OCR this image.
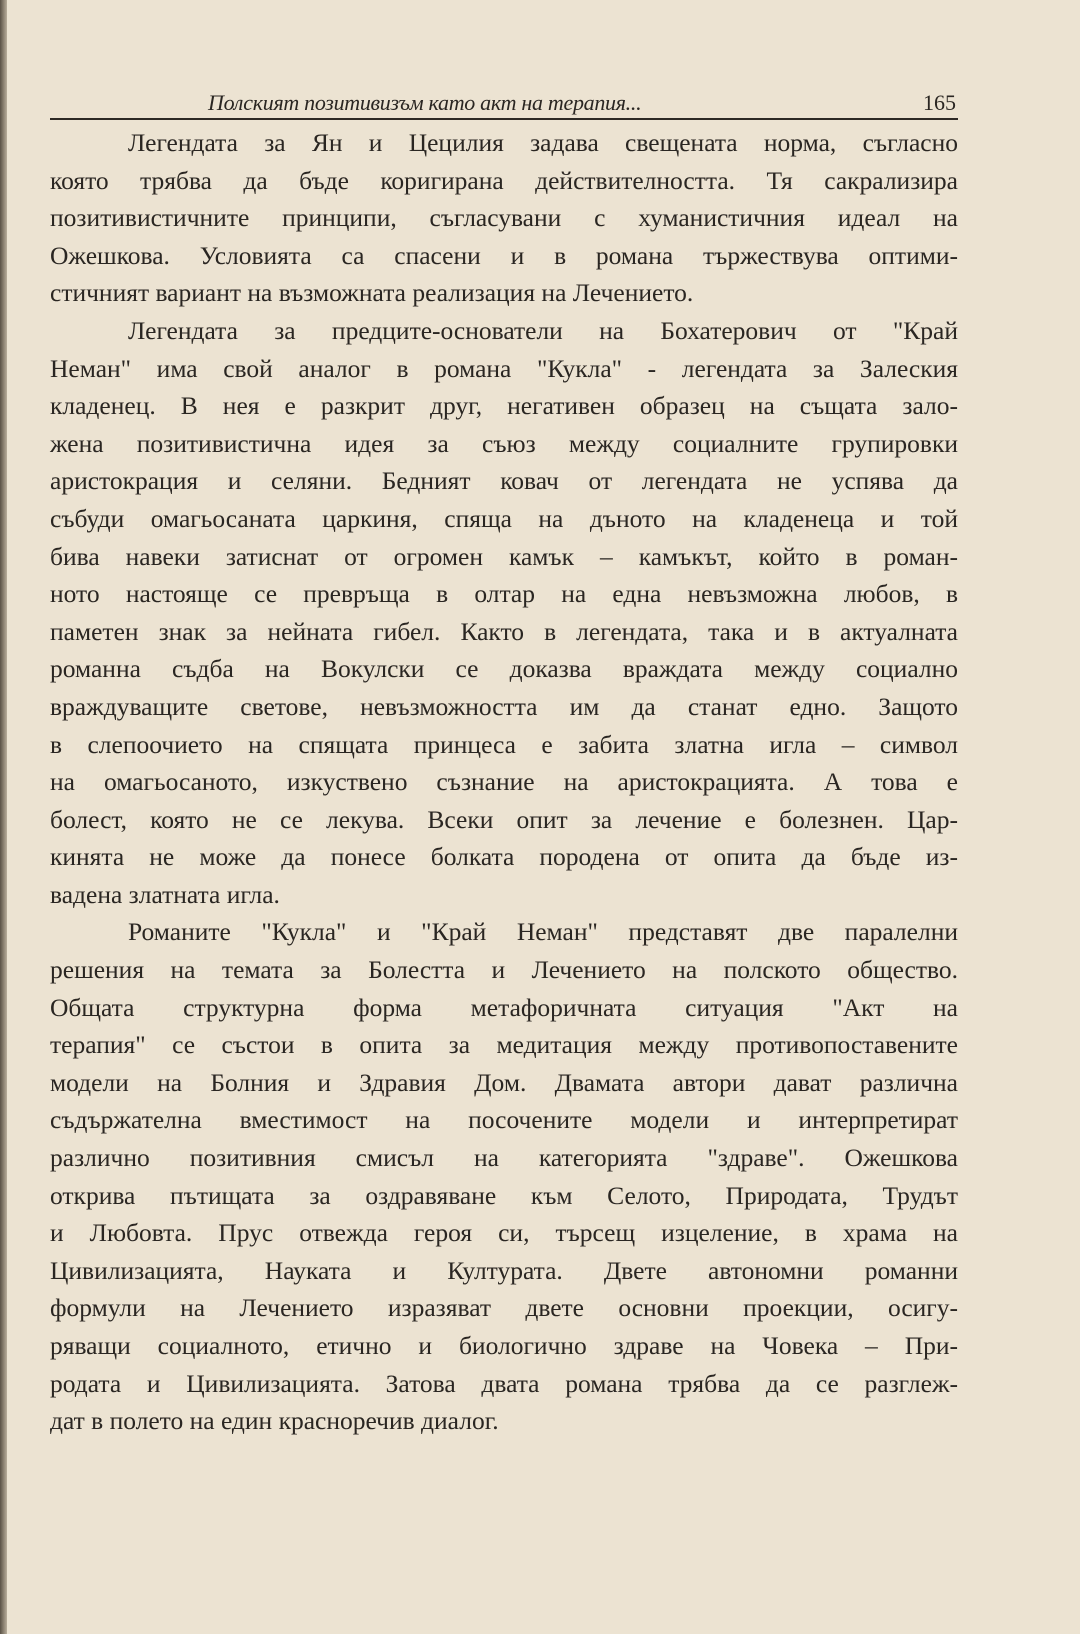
Полският позитивизъм като акт на терапия...	165
Легендата за Ян и Цецилия задава свещената норма, съгласно
която трябва да бъде коригирана действителността. Тя сакрализира
позитивистичните принципи, съгласувани с хуманистичния идеал на
Ожешкова. Условията са спасени и в романа тържествува оптими-
стичният вариант на възможната реализация на Лечението.
Легендата за предците-основатели на Бохатерович от "Край
Неман" има свой аналог в романа "Кукла" - легендата за Залеския
кладенец. В нея е разкрит друг, негативен образец на същата зало-
жена позитивистична идея за съюз между социалните групировки
аристокрация и селяни. Бедният ковач от легендата не успява да
събуди омагьосаната царкиня, спяща на дъното на кладенеца и той
бива навеки затиснат от огромен камък – камъкът, който в роман-
ното настояще се превръща в олтар на една невъзможна любов, в
паметен знак за нейната гибел. Както в легендата, така и в актуалната
романна съдба на Вокулски се доказва враждата между социално
враждуващите светове, невъзможността им да станат едно. Защото
в слепоочието на спящата принцеса е забита златна игла – символ
на омагьосаното, изкуствено съзнание на аристокрацията. А това е
болест, която не се лекува. Всеки опит за лечение е болезнен. Цар-
кинята не може да понесе болката породена от опита да бъде из-
вадена златната игла.
Романите "Кукла" и "Край Неман" представят две паралелни
решения на темата за Болестта и Лечението на полското общество.
Общата структурна форма метафоричната ситуация "Акт на
терапия" се състои в опита за медитация между противопоставените
модели на Болния и Здравия Дом. Двамата автори дават различна
съдържателна вместимост на посочените модели и интерпретират
различно позитивния смисъл на категорията "здраве". Ожешкова
открива пътищата за оздравяване към Селото, Природата, Трудът
и Любовта. Прус отвежда героя си, търсещ изцеление, в храма на
Цивилизацията, Науката и Културата. Двете автономни романни
формули на Лечението изразяват двете основни проекции, осигу-
ряващи социалното, етично и биологично здраве на Човека – При-
родата и Цивилизацията. Затова двата романа трябва да се разглеж-
дат в полето на един красноречив диалог.
